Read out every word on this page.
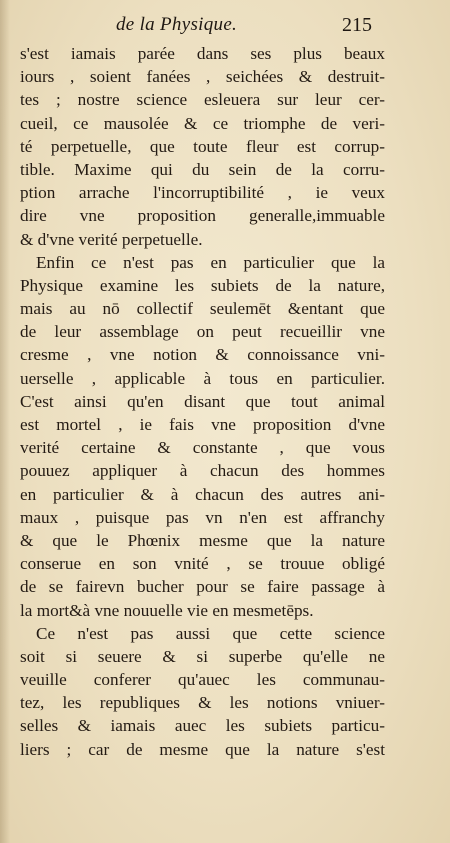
de la Physique.	215
s'est iamais parée dans ses plus beaux
iours , soient fanées , seichées & destruit-
tes ; nostre science esleuera sur leur cer-
cueil, ce mausolée & ce triomphe de veri-
té perpetuelle, que toute fleur est corrup-
tible. Maxime qui du sein de la corru-
ption arrache l'incorruptibilité , ie veux
dire vne proposition generalle,immuable
& d'vne verité perpetuelle.
Enfin ce n'est pas en particulier que la
Physique examine les subiets de la nature,
mais au nō collectif seulemēt &entant que
de leur assemblage on peut recueillir vne
cresme , vne notion & connoissance vni-
uerselle , applicable à tous en particulier.
C'est ainsi qu'en disant que tout animal
est mortel , ie fais vne proposition d'vne
verité certaine & constante , que vous
pouuez appliquer à chacun des hommes
en particulier & à chacun des autres ani-
maux , puisque pas vn n'en est affranchy
& que le Phœnix mesme que la nature
conserue en son vnité , se trouue obligé
de se fairevn bucher pour se faire passage à
la mort&à vne nouuelle vie en mesmetēps.
Ce n'est pas aussi que cette science
soit si seuere & si superbe qu'elle ne
veuille conferer qu'auec les communau-
tez, les republiques & les notions vniuer-
selles & iamais auec les subiets particu-
liers ; car de mesme que la nature s'est
